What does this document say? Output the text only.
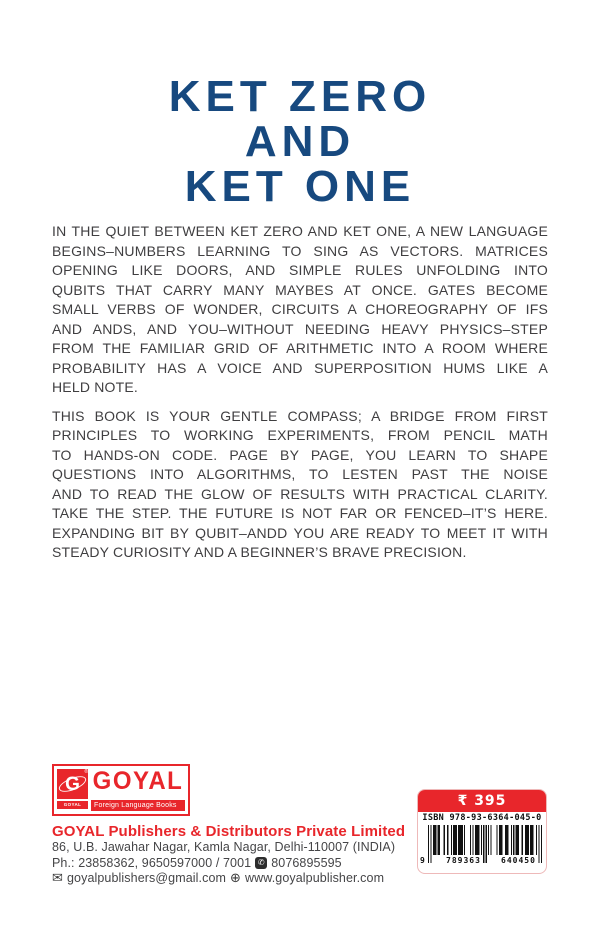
KET ZERO
AND
KET ONE
IN THE QUIET BETWEEN KET ZERO AND KET ONE, A NEW LANGUAGE
BEGINS–NUMBERS LEARNING TO SING AS VECTORS. MATRICES
OPENING LIKE DOORS, AND SIMPLE RULES UNFOLDING INTO
QUBITS THAT CARRY MANY MAYBES AT ONCE. GATES BECOME
SMALL VERBS OF WONDER, CIRCUITS A CHOREOGRAPHY OF IFS
AND ANDS, AND YOU–WITHOUT NEEDING HEAVY PHYSICS–STEP
FROM THE FAMILIAR GRID OF ARITHMETIC INTO A ROOM WHERE
PROBABILITY HAS A VOICE AND SUPERPOSITION HUMS LIKE A
HELD NOTE.
THIS BOOK IS YOUR GENTLE COMPASS; A BRIDGE FROM FIRST
PRINCIPLES TO WORKING EXPERIMENTS, FROM PENCIL MATH
TO HANDS-ON CODE. PAGE BY PAGE, YOU LEARN TO SHAPE
QUESTIONS INTO ALGORITHMS, TO LESTEN PAST THE NOISE
AND TO READ THE GLOW OF RESULTS WITH PRACTICAL CLARITY.
TAKE THE STEP. THE FUTURE IS NOT FAR OR FENCED–IT’S HERE.
EXPANDING BIT BY QUBIT–ANDD YOU ARE READY TO MEET IT WITH
STEADY CURIOSITY AND A BEGINNER’S BRAVE PRECISION.
G
®
GOYAL SAAB
GOYAL
Foreign Language Books
GOYAL Publishers & Distributors Private Limited
86, U.B. Jawahar Nagar, Kamla Nagar, Delhi-110007 (INDIA)
Ph.: 23858362, 9650597000 / 7001 ✆ 8076895595
✉ goyalpublishers@gmail.com ⊕ www.goyalpublisher.com
₹ 395
ISBN 978-93-6364-045-0
9	789363	640450
